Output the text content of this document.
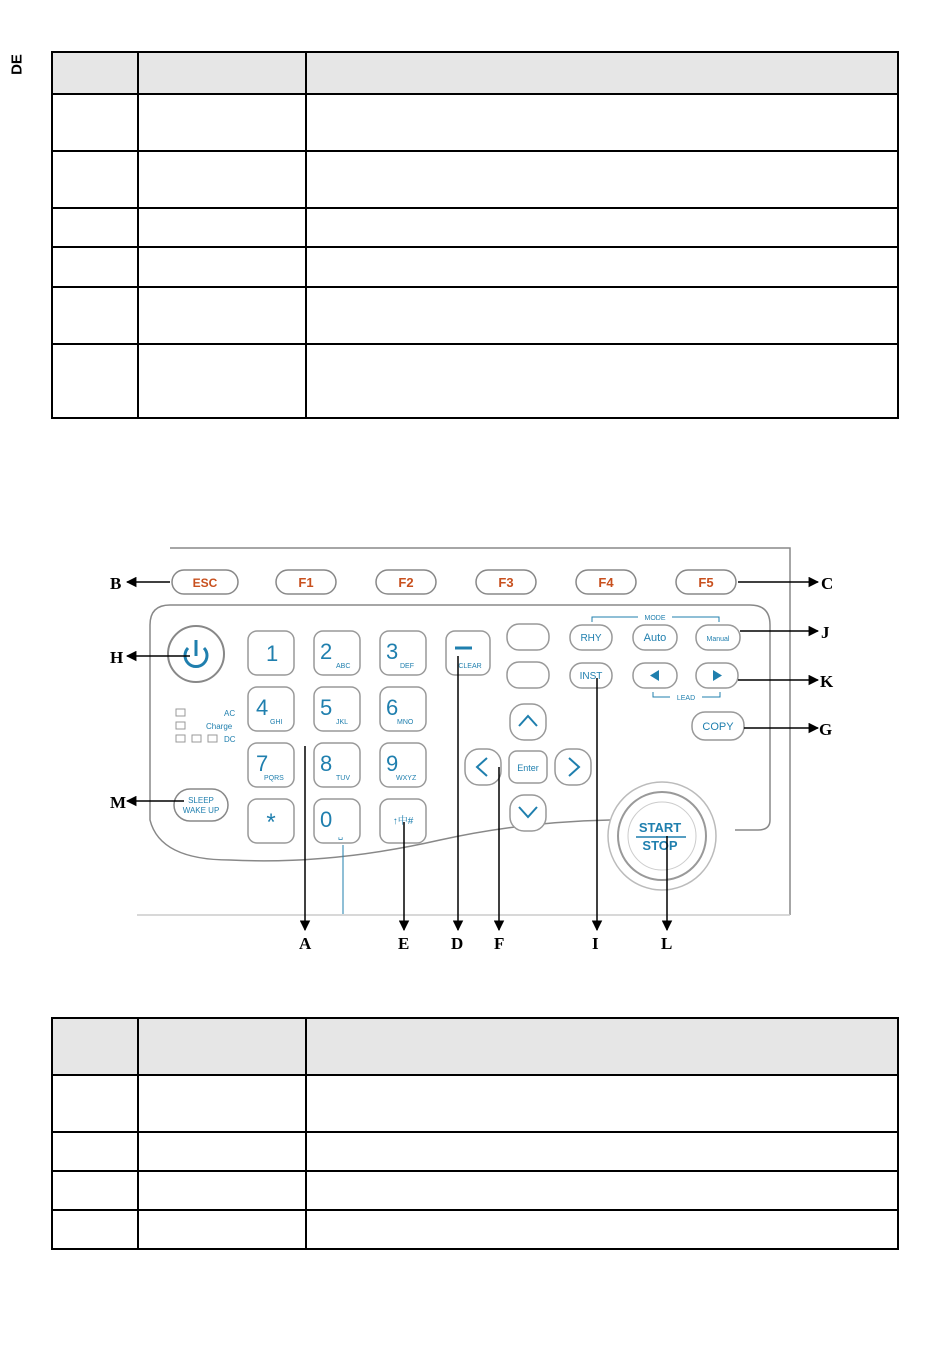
DE

ESC	F1	F2	F3	F4	F5
AC
Charge
DC
SLEEP
WAKE UP
1 2
ABC
3
DEF
4
GHI
5
JKL
6
MNO
7
PQRS
8
TUV
9
WXYZ
* 0
␣
↑中#
CLEAR
MODE
RHY	Auto	Manual
INST
LEAD
COPY
Enter
START
STOP
B	C
J
K
G
H
M
A	E D F	I	L
